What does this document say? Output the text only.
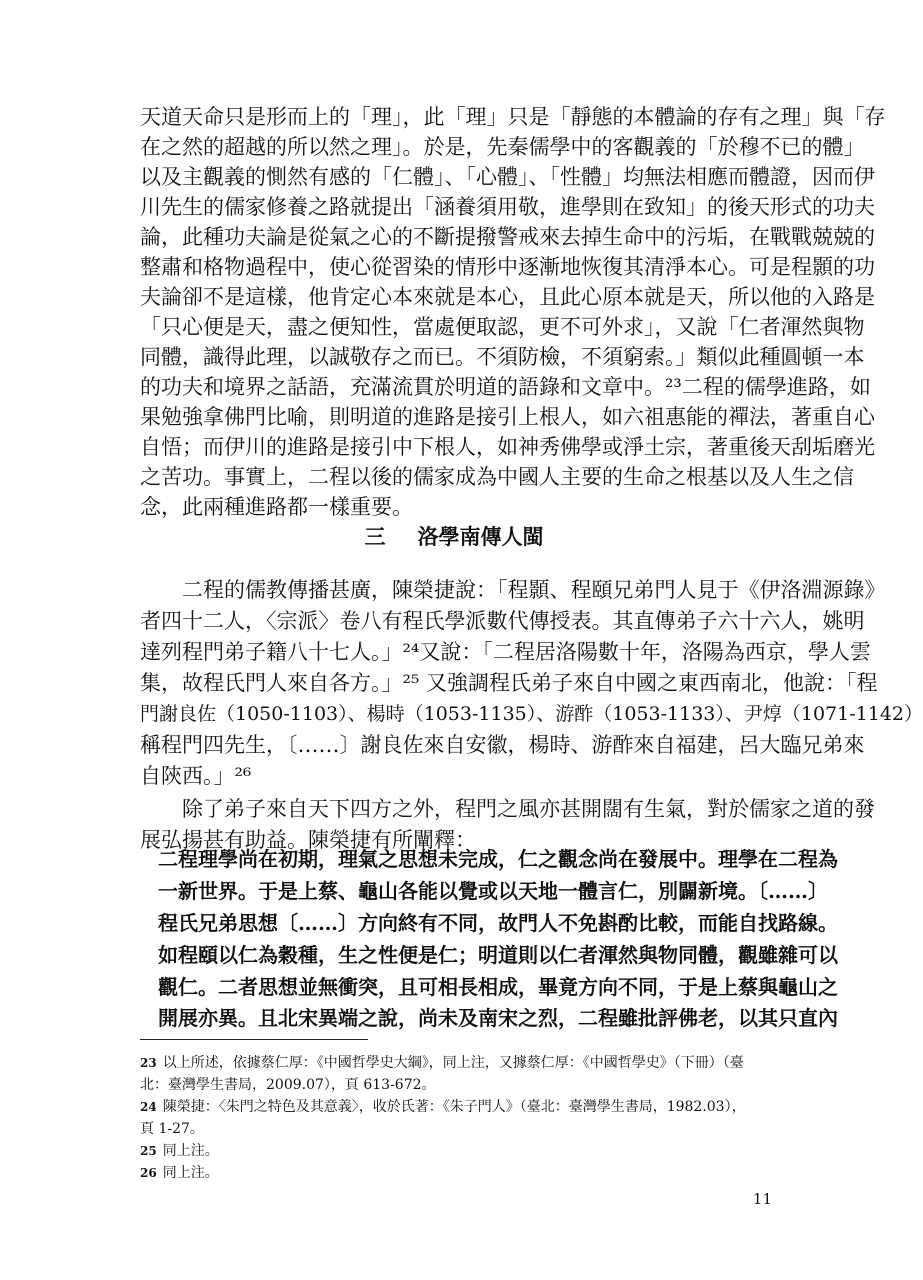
天道天命只是形而上的「理」，此「理」只是「靜態的本體論的存有之理」與「存
在之然的超越的所以然之理」。於是，先秦儒學中的客觀義的「於穆不已的體」
以及主觀義的惻然有感的「仁體」、「心體」、「性體」均無法相應而體證，因而伊
川先生的儒家修養之路就提出「涵養須用敬，進學則在致知」的後天形式的功夫
論，此種功夫論是從氣之心的不斷提撥警戒來去掉生命中的污垢，在戰戰兢兢的
整肅和格物過程中，使心從習染的情形中逐漸地恢復其清淨本心。可是程顥的功
夫論卻不是這樣，他肯定心本來就是本心，且此心原本就是天，所以他的入路是
「只心便是天，盡之便知性，當處便取認，更不可外求」，又說「仁者渾然與物
同體，識得此理，以誠敬存之而已。不須防檢，不須窮索。」類似此種圓頓一本
的功夫和境界之話語，充滿流貫於明道的語錄和文章中。²³二程的儒學進路，如
果勉強拿佛門比喻，則明道的進路是接引上根人，如六祖惠能的禪法，著重自心
自悟；而伊川的進路是接引中下根人，如神秀佛學或淨土宗，著重後天刮垢磨光
之苦功。事實上，二程以後的儒家成為中國人主要的生命之根基以及人生之信
三 洛學南傳人閩
　　二程的儒教傳播甚廣，陳榮捷說：「程顥、程頤兄弟門人見于《伊洛淵源錄》
者四十二人，〈宗派〉卷八有程氏學派數代傳授表。其直傳弟子六十六人，姚明
達列程門弟子籍八十七人。」²⁴又說：「二程居洛陽數十年，洛陽為西京，學人雲
集，故程氏門人來自各方。」²⁵ 又強調程氏弟子來自中國之東西南北，他說：「程
門謝良佐（1050-1103）、楊時（1053-1135）、游酢（1053-1133）、尹焞（1071-1142）
稱程門四先生，〔……〕謝良佐來自安徽，楊時、游酢來自福建，呂大臨兄弟來
自陝西。」²⁶
　　除了弟子來自天下四方之外，程門之風亦甚開闊有生氣，對於儒家之道的發
展弘揚甚有助益。陳榮捷有所闡釋：
二程理學尚在初期，理氣之思想未完成，仁之觀念尚在發展中。理學在二程為
一新世界。于是上蔡、龜山各能以覺或以天地一體言仁，別闢新境。〔……〕
程氏兄弟思想〔……〕方向終有不同，故門人不免斟酌比較，而能自找路線。
如程頤以仁為穀種，生之性便是仁；明道則以仁者渾然與物同體，觀雖雜可以
觀仁。二者思想並無衝突，且可相長相成，畢竟方向不同，于是上蔡與龜山之
23 以上所述，依據蔡仁厚：《中國哲學史大綱》，同上注，又據蔡仁厚：《中國哲學史》（下冊）（臺
北：臺灣學生書局，2009.07），頁 613-672。
24 陳榮捷：〈朱門之特色及其意義〉，收於氏著：《朱子門人》（臺北：臺灣學生書局，1982.03），
頁 1-27。
25 同上注。
26 同上注。
11
念，此兩種進路都一樣重要。
開展亦異。且北宋異端之說，尚未及南宋之烈，二程雖批評佛老，以其只直內
